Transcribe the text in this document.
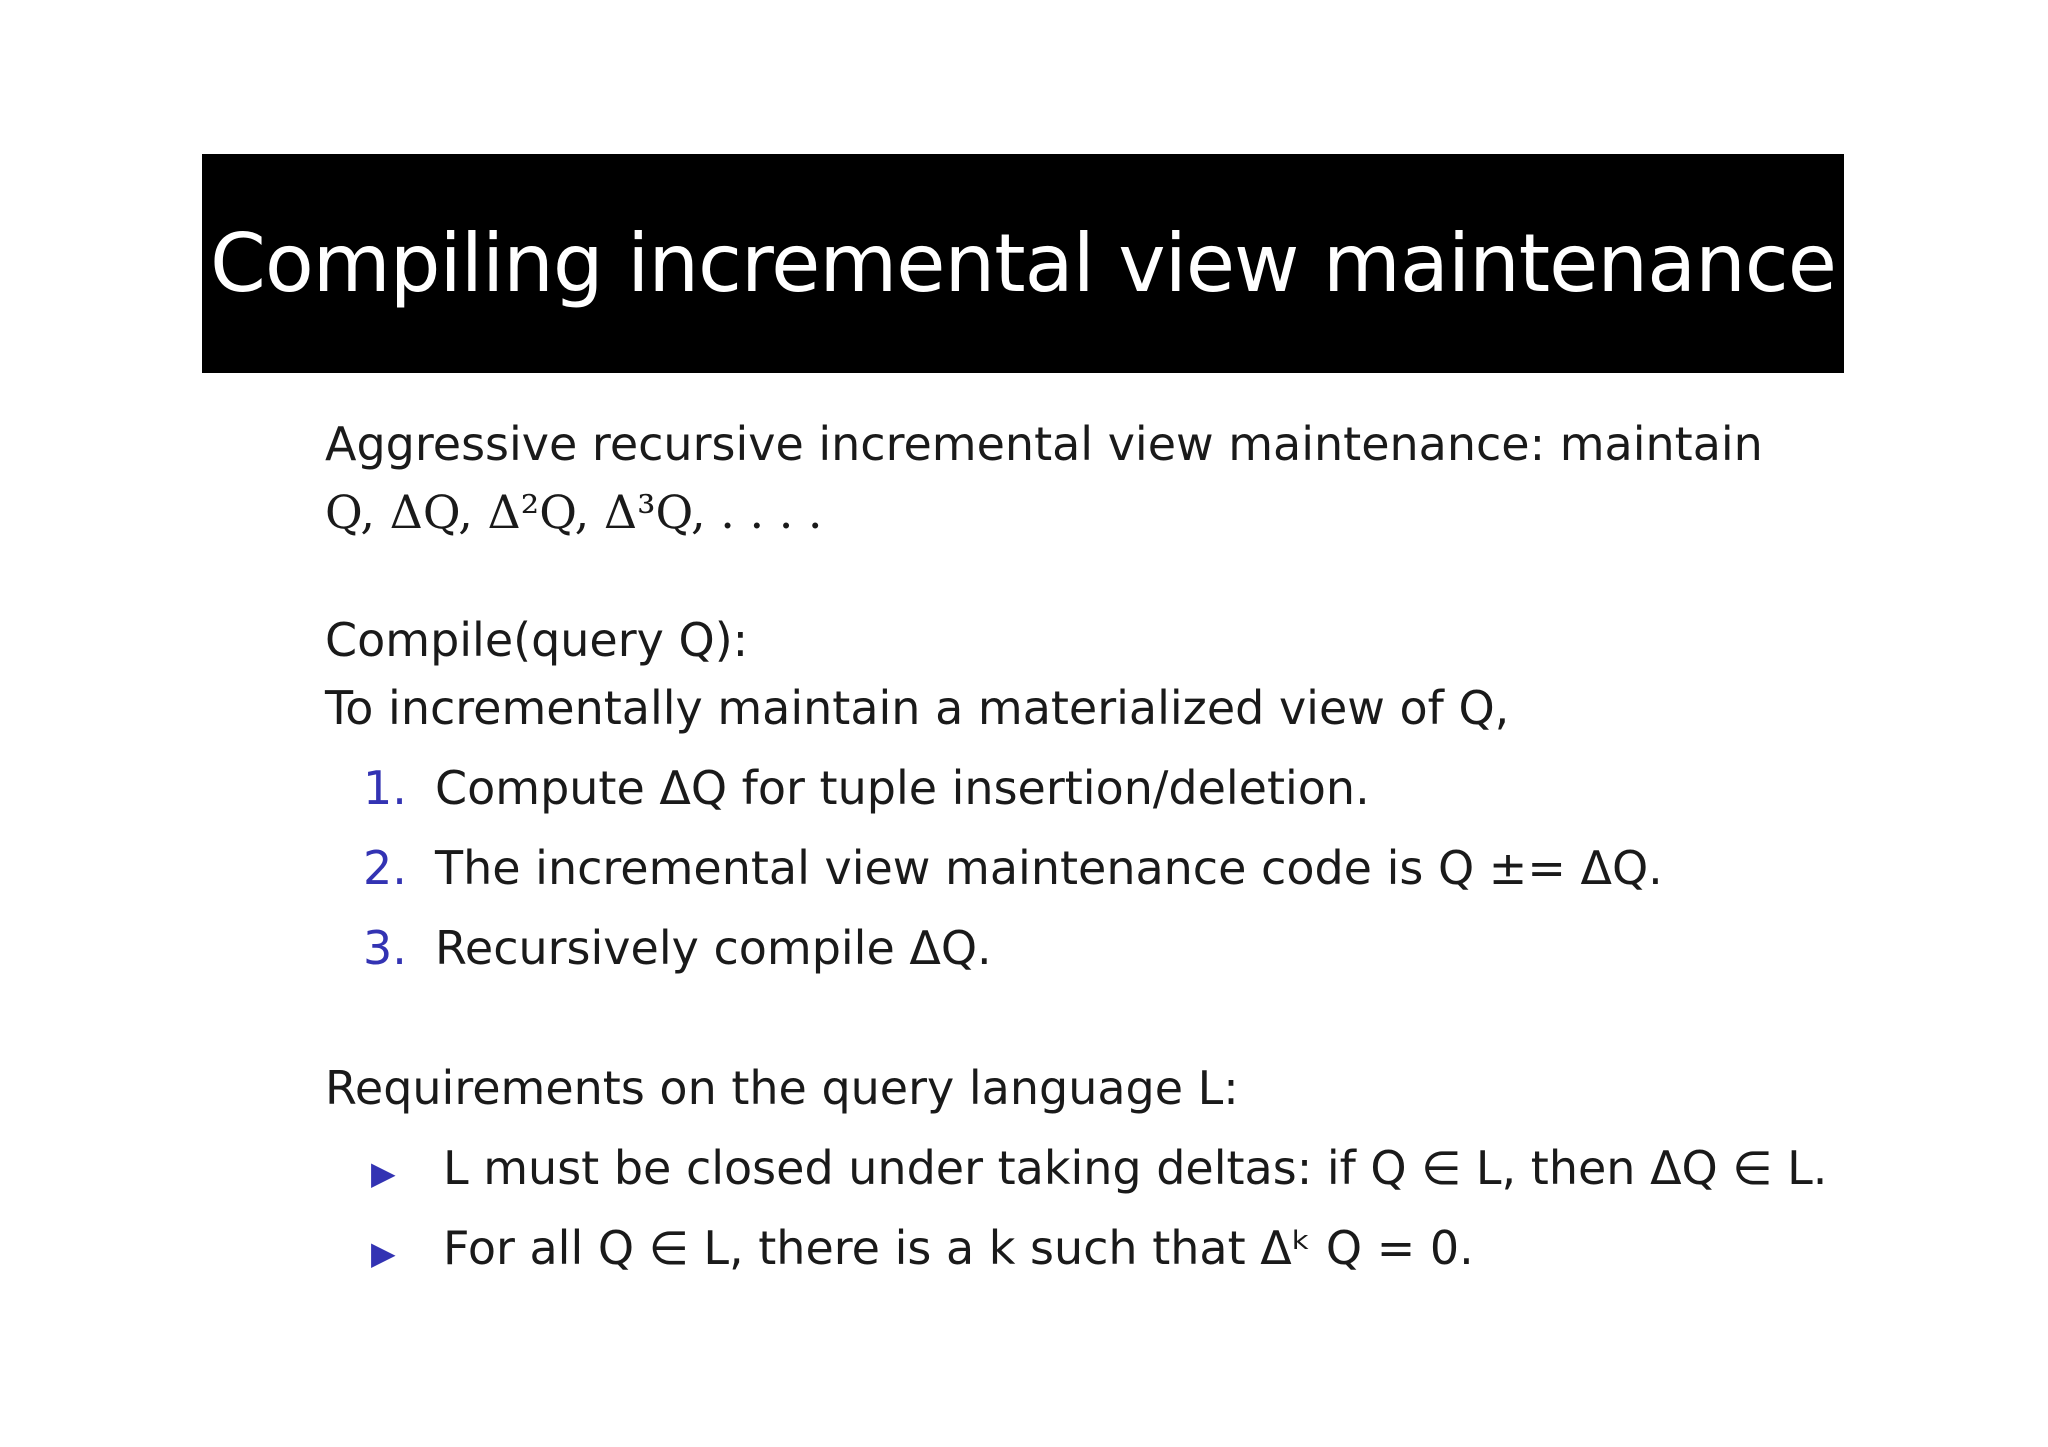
Compiling incremental view maintenance

Aggressive recursive incremental view maintenance: maintain

Q, ΔQ, Δ²Q, Δ³Q, . . . .

Compile(query Q):

To incrementally maintain a materialized view of Q,

1. Compute ΔQ for tuple insertion/deletion.
2. The incremental view maintenance code is Q ±= ΔQ.
3. Recursively compile ΔQ.

Requirements on the query language L:

▶	L must be closed under taking deltas: if Q ∈ L, then ΔQ ∈ L.
▶	For all Q ∈ L, there is a k such that Δᵏ Q = 0.
